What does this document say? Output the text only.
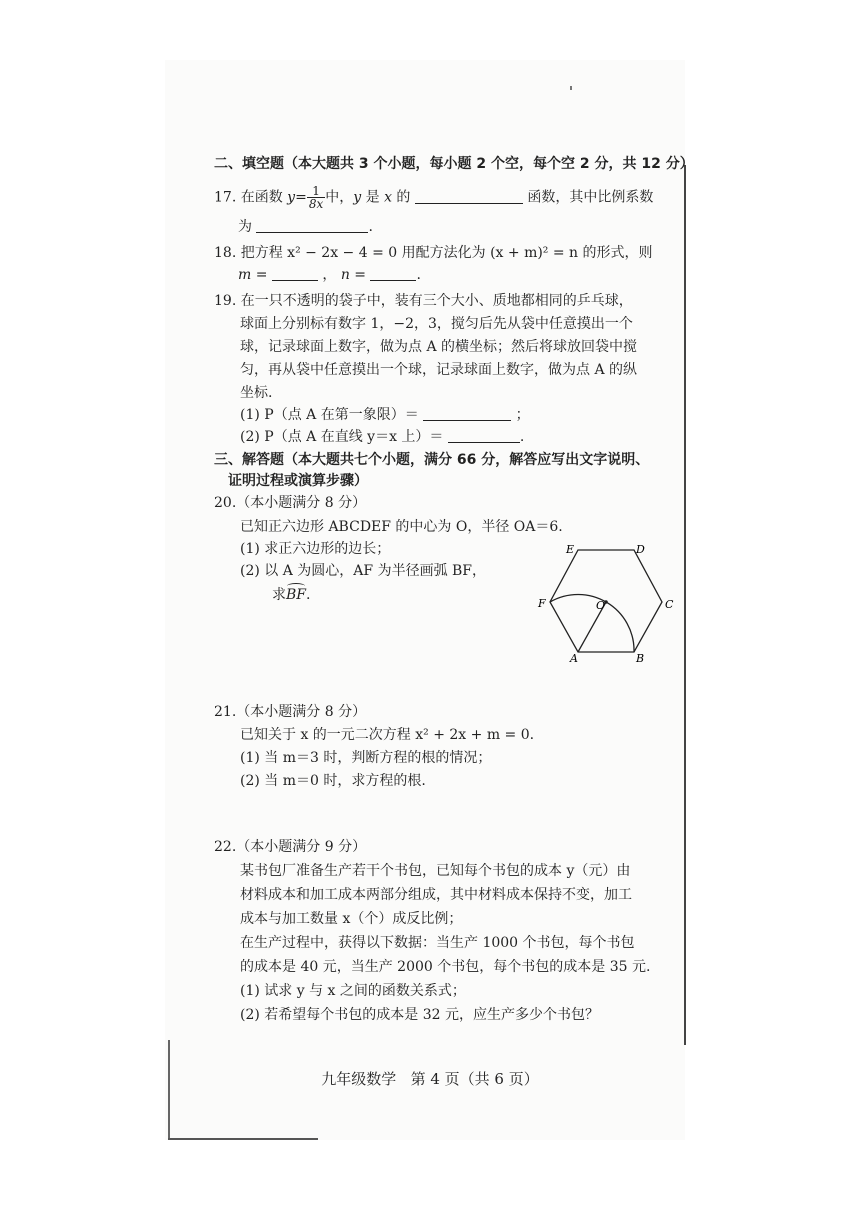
二、填空题（本大题共 3 个小题，每小题 2 个空，每个空 2 分，共 12 分）
17. 在函数 $y= \frac{1}{8x}$ 中，y 是 x 的	函数，其中比例系数
为	.
18. 把方程 x² − 2x − 4 = 0 用配方法化为 (x + m)² = n 的形式，则
m =	， n =	.
19. 在一只不透明的袋子中，装有三个大小、质地都相同的乒乓球，
球面上分别标有数字 1，−2，3，搅匀后先从袋中任意摸出一个
球，记录球面上数字，做为点 A 的横坐标；然后将球放回袋中搅
匀，再从袋中任意摸出一个球，记录球面上数字，做为点 A 的纵
坐标.
(1) P（点 A 在第一象限）＝	；
(2) P（点 A 在直线 y＝x 上）＝	.
三、解答题（本大题共七个小题，满分 66 分，解答应写出文字说明、
证明过程或演算步骤）
20.（本小题满分 8 分）
已知正六边形 ABCDEF 的中心为 O，半径 OA＝6.
(1) 求正六边形的边长；
(2) 以 A 为圆心，AF 为半径画弧 BF，
求BF.
E	D
C
B
A
F	O
21.（本小题满分 8 分）
已知关于 x 的一元二次方程 x² + 2x + m = 0.
(1) 当 m＝3 时，判断方程的根的情况；
(2) 当 m＝0 时，求方程的根.
22.（本小题满分 9 分）
某书包厂准备生产若干个书包，已知每个书包的成本 y（元）由
材料成本和加工成本两部分组成，其中材料成本保持不变，加工
成本与加工数量 x（个）成反比例；
在生产过程中，获得以下数据：当生产 1000 个书包，每个书包
的成本是 40 元，当生产 2000 个书包，每个书包的成本是 35 元.
(1) 试求 y 与 x 之间的函数关系式；
(2) 若希望每个书包的成本是 32 元，应生产多少个书包？
九年级数学   第 4 页（共 6 页）
